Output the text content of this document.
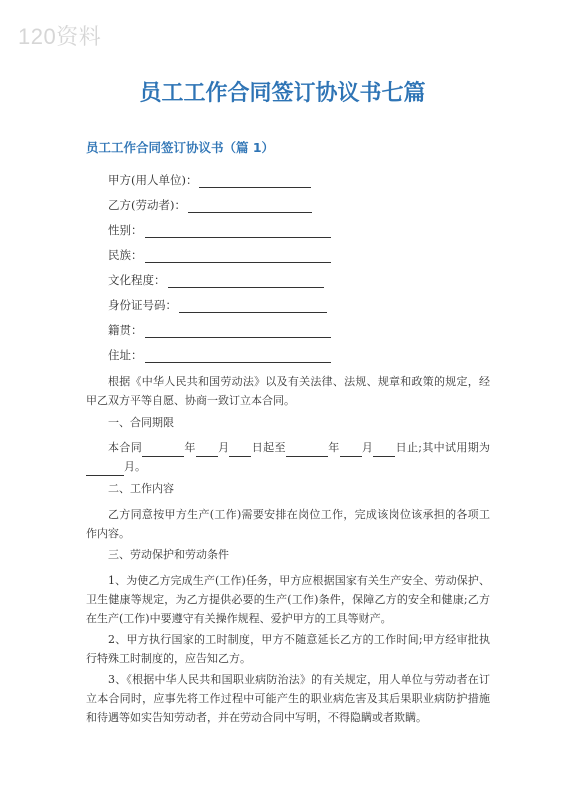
120资料
员工工作合同签订协议书七篇
员工工作合同签订协议书（篇 1）
甲方(用人单位)：
乙方(劳动者)：
性别：
民族：
文化程度：
身份证号码：
籍贯：
住址：
根据《中华人民共和国劳动法》以及有关法律、法规、规章和政策的规定，经甲乙双方平等自愿、协商一致订立本合同。
一、合同期限
本合同	年 月 日起至	年 月 日止;其中试用期为月。
二、工作内容
乙方同意按甲方生产(工作)需要安排在岗位工作，完成该岗位该承担的各项工作内容。
三、劳动保护和劳动条件
1、为使乙方完成生产(工作)任务，甲方应根据国家有关生产安全、劳动保护、卫生健康等规定，为乙方提供必要的生产(工作)条件，保障乙方的安全和健康;乙方在生产(工作)中要遵守有关操作规程、爱护甲方的工具等财产。
2、甲方执行国家的工时制度，甲方不随意延长乙方的工作时间;甲方经审批执行特殊工时制度的，应告知乙方。
3、《根据中华人民共和国职业病防治法》的有关规定，用人单位与劳动者在订立本合同时，应事先将工作过程中可能产生的职业病危害及其后果职业病防护措施和待遇等如实告知劳动者，并在劳动合同中写明，不得隐瞒或者欺瞒。
